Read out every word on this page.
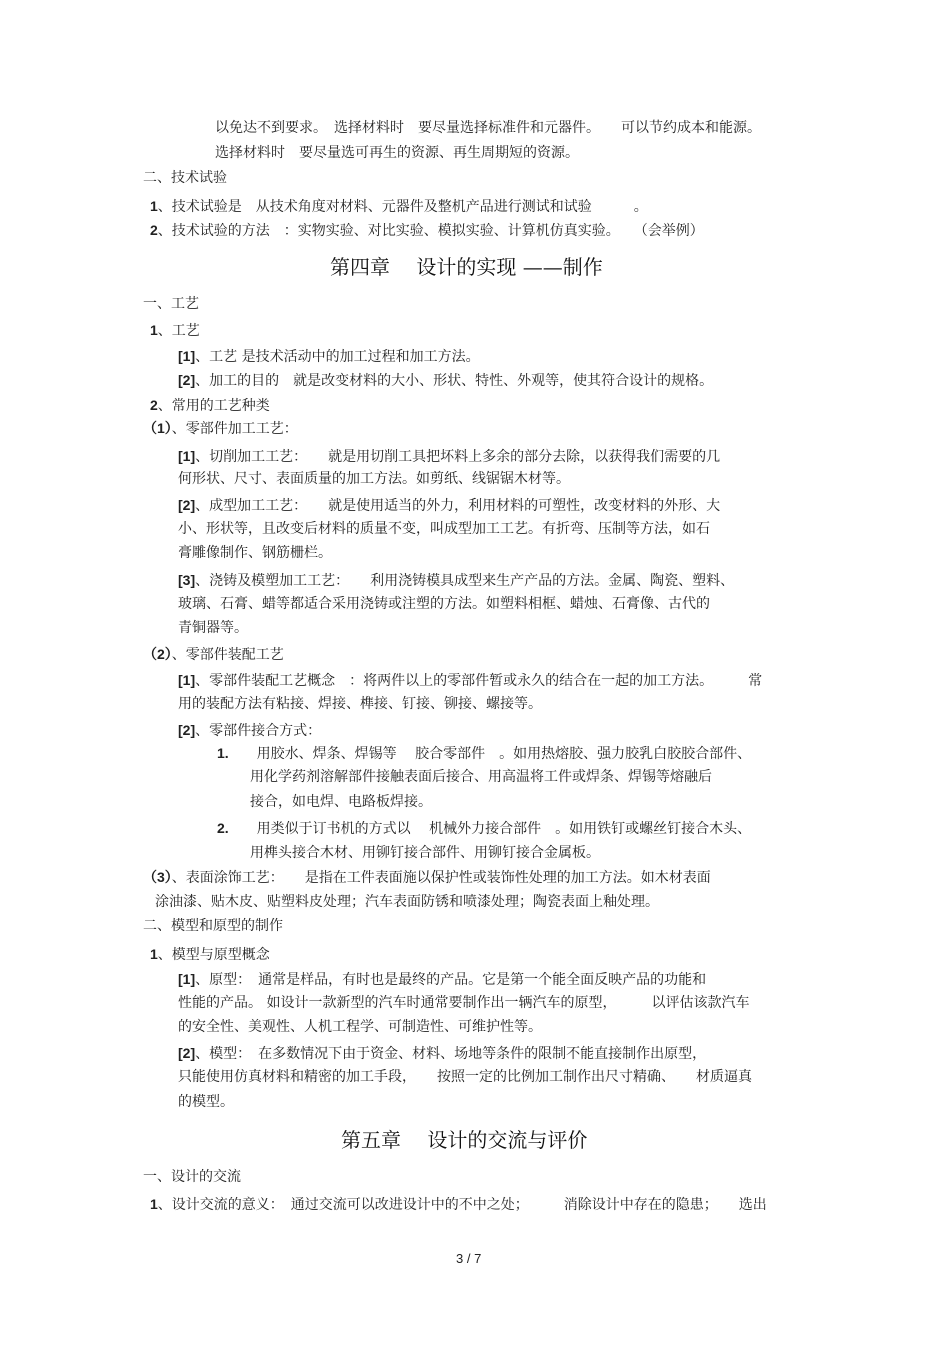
以免达不到要求。　选择材料时　要尽量选择标准件和元器件。　　可以节约成本和能源。
选择材料时　要尽量选可再生的资源、再生周期短的资源。
二、技术试验
1、技术试验是　从技术角度对材料、元器件及整机产品进行测试和试验　　　。
2、技术试验的方法　：实物实验、对比实验、模拟实验、计算机仿真实验。　　（会举例）
一、工艺
1、工艺
[1]、工艺 是技术活动中的加工过程和加工方法。
[2]、加工的目的　就是改变材料的大小、形状、特性、外观等，使其符合设计的规格。
2、常用的工艺种类
（1）、零部件加工工艺：
[1]、切削加工工艺：　　就是用切削工具把坏料上多余的部分去除，以获得我们需要的几
何形状、尺寸、表面质量的加工方法。如剪纸、线锯锯木材等。
[2]、成型加工工艺：　　就是使用适当的外力，利用材料的可塑性，改变材料的外形、大
小、形状等，且改变后材料的质量不变，叫成型加工工艺。有折弯、压制等方法，如石
膏雕像制作、钢筋栅栏。
[3]、浇铸及模塑加工工艺：　　利用浇铸模具成型来生产产品的方法。金属、陶瓷、塑料、
玻璃、石膏、蜡等都适合采用浇铸或注塑的方法。如塑料相框、蜡烛、石膏像、古代的
青铜器等。
（2）、零部件装配工艺
[1]、零部件装配工艺概念　：将两件以上的零部件暂或永久的结合在一起的加工方法。　　　常
用的装配方法有粘接、焊接、榫接、钉接、铆接、螺接等。
[2]、零部件接合方式：
1.　　用胶水、焊条、焊锡等　 胶合零部件　。如用热熔胶、强力胶乳白胶胶合部件、
用化学药剂溶解部件接触表面后接合、用高温将工件或焊条、焊锡等熔融后
接合，如电焊、电路板焊接。
2.　　用类似于订书机的方式以　 机械外力接合部件　。如用铁钉或螺丝钉接合木头、
用榫头接合木材、用铆钉接合部件、用铆钉接合金属板。
（3）、表面涂饰工艺：　　是指在工件表面施以保护性或装饰性处理的加工方法。如木材表面
涂油漆、贴木皮、贴塑料皮处理；汽车表面防锈和喷漆处理；陶瓷表面上釉处理。
二、模型和原型的制作
1、模型与原型概念
[1]、原型：　通常是样品，有时也是最终的产品。它是第一个能全面反映产品的功能和
性能的产品。 如设计一款新型的汽车时通常要制作出一辆汽车的原型，　　　以评估该款汽车
的安全性、美观性、人机工程学、可制造性、可维护性等。
[2]、模型：　在多数情况下由于资金、材料、场地等条件的限制不能直接制作出原型，
只能使用仿真材料和精密的加工手段，　　按照一定的比例加工制作出尺寸精确、　　材质逼真
的模型。
一、设计的交流
1、设计交流的意义：　通过交流可以改进设计中的不中之处；　　　消除设计中存在的隐患；　　选出
第四章　 设计的实现 ——制作
第五章　 设计的交流与评价
3 / 7
